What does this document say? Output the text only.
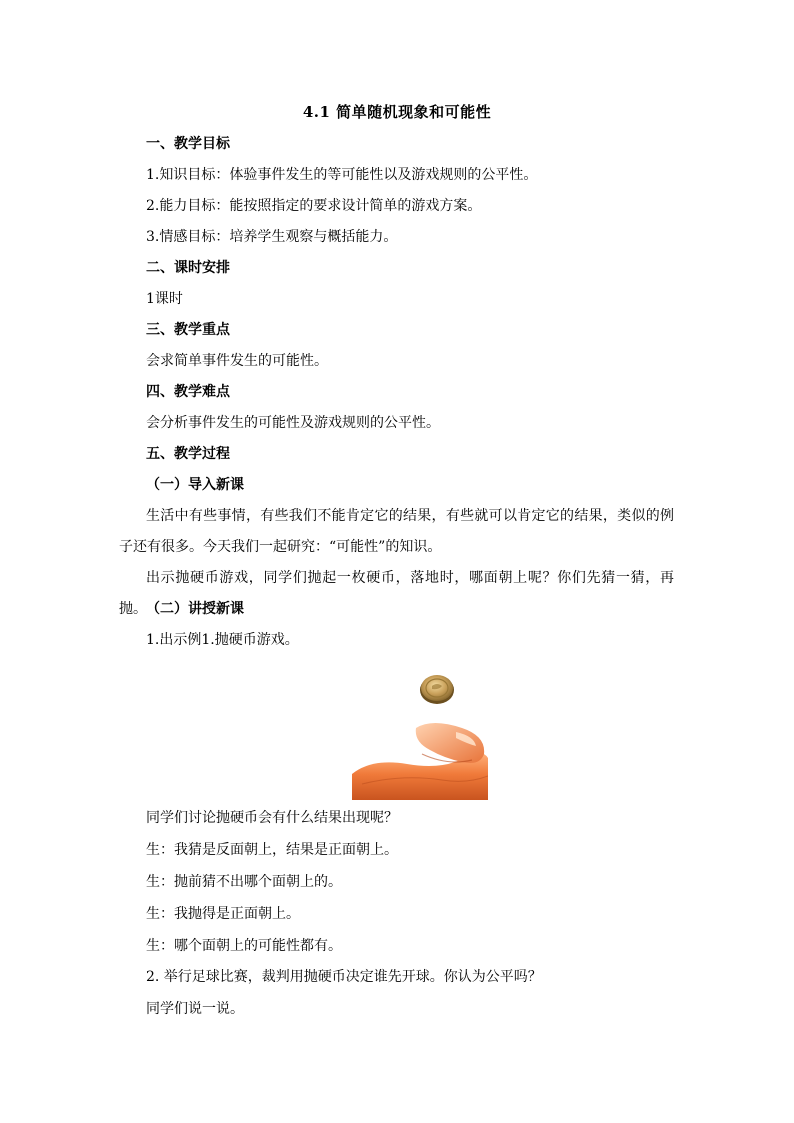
4.1 简单随机现象和可能性
一、教学目标
1.知识目标：体验事件发生的等可能性以及游戏规则的公平性。
2.能力目标：能按照指定的要求设计简单的游戏方案。
3.情感目标：培养学生观察与概括能力。
二、课时安排
1课时
三、教学重点
会求简单事件发生的可能性。
四、教学难点
会分析事件发生的可能性及游戏规则的公平性。
五、教学过程
（一）导入新课
生活中有些事情，有些我们不能肯定它的结果，有些就可以肯定它的结果，类似的例子还有很多。今天我们一起研究：“可能性”的知识。
出示抛硬币游戏，同学们抛起一枚硬币，落地时，哪面朝上呢？你们先猜一猜，再抛。 （二）讲授新课
1.出示例1.抛硬币游戏。
同学们讨论抛硬币会有什么结果出现呢？
生：我猜是反面朝上，结果是正面朝上。
生：抛前猜不出哪个面朝上的。
生：我抛得是正面朝上。
生：哪个面朝上的可能性都有。
2. 举行足球比赛，裁判用抛硬币决定谁先开球。你认为公平吗？
同学们说一说。
